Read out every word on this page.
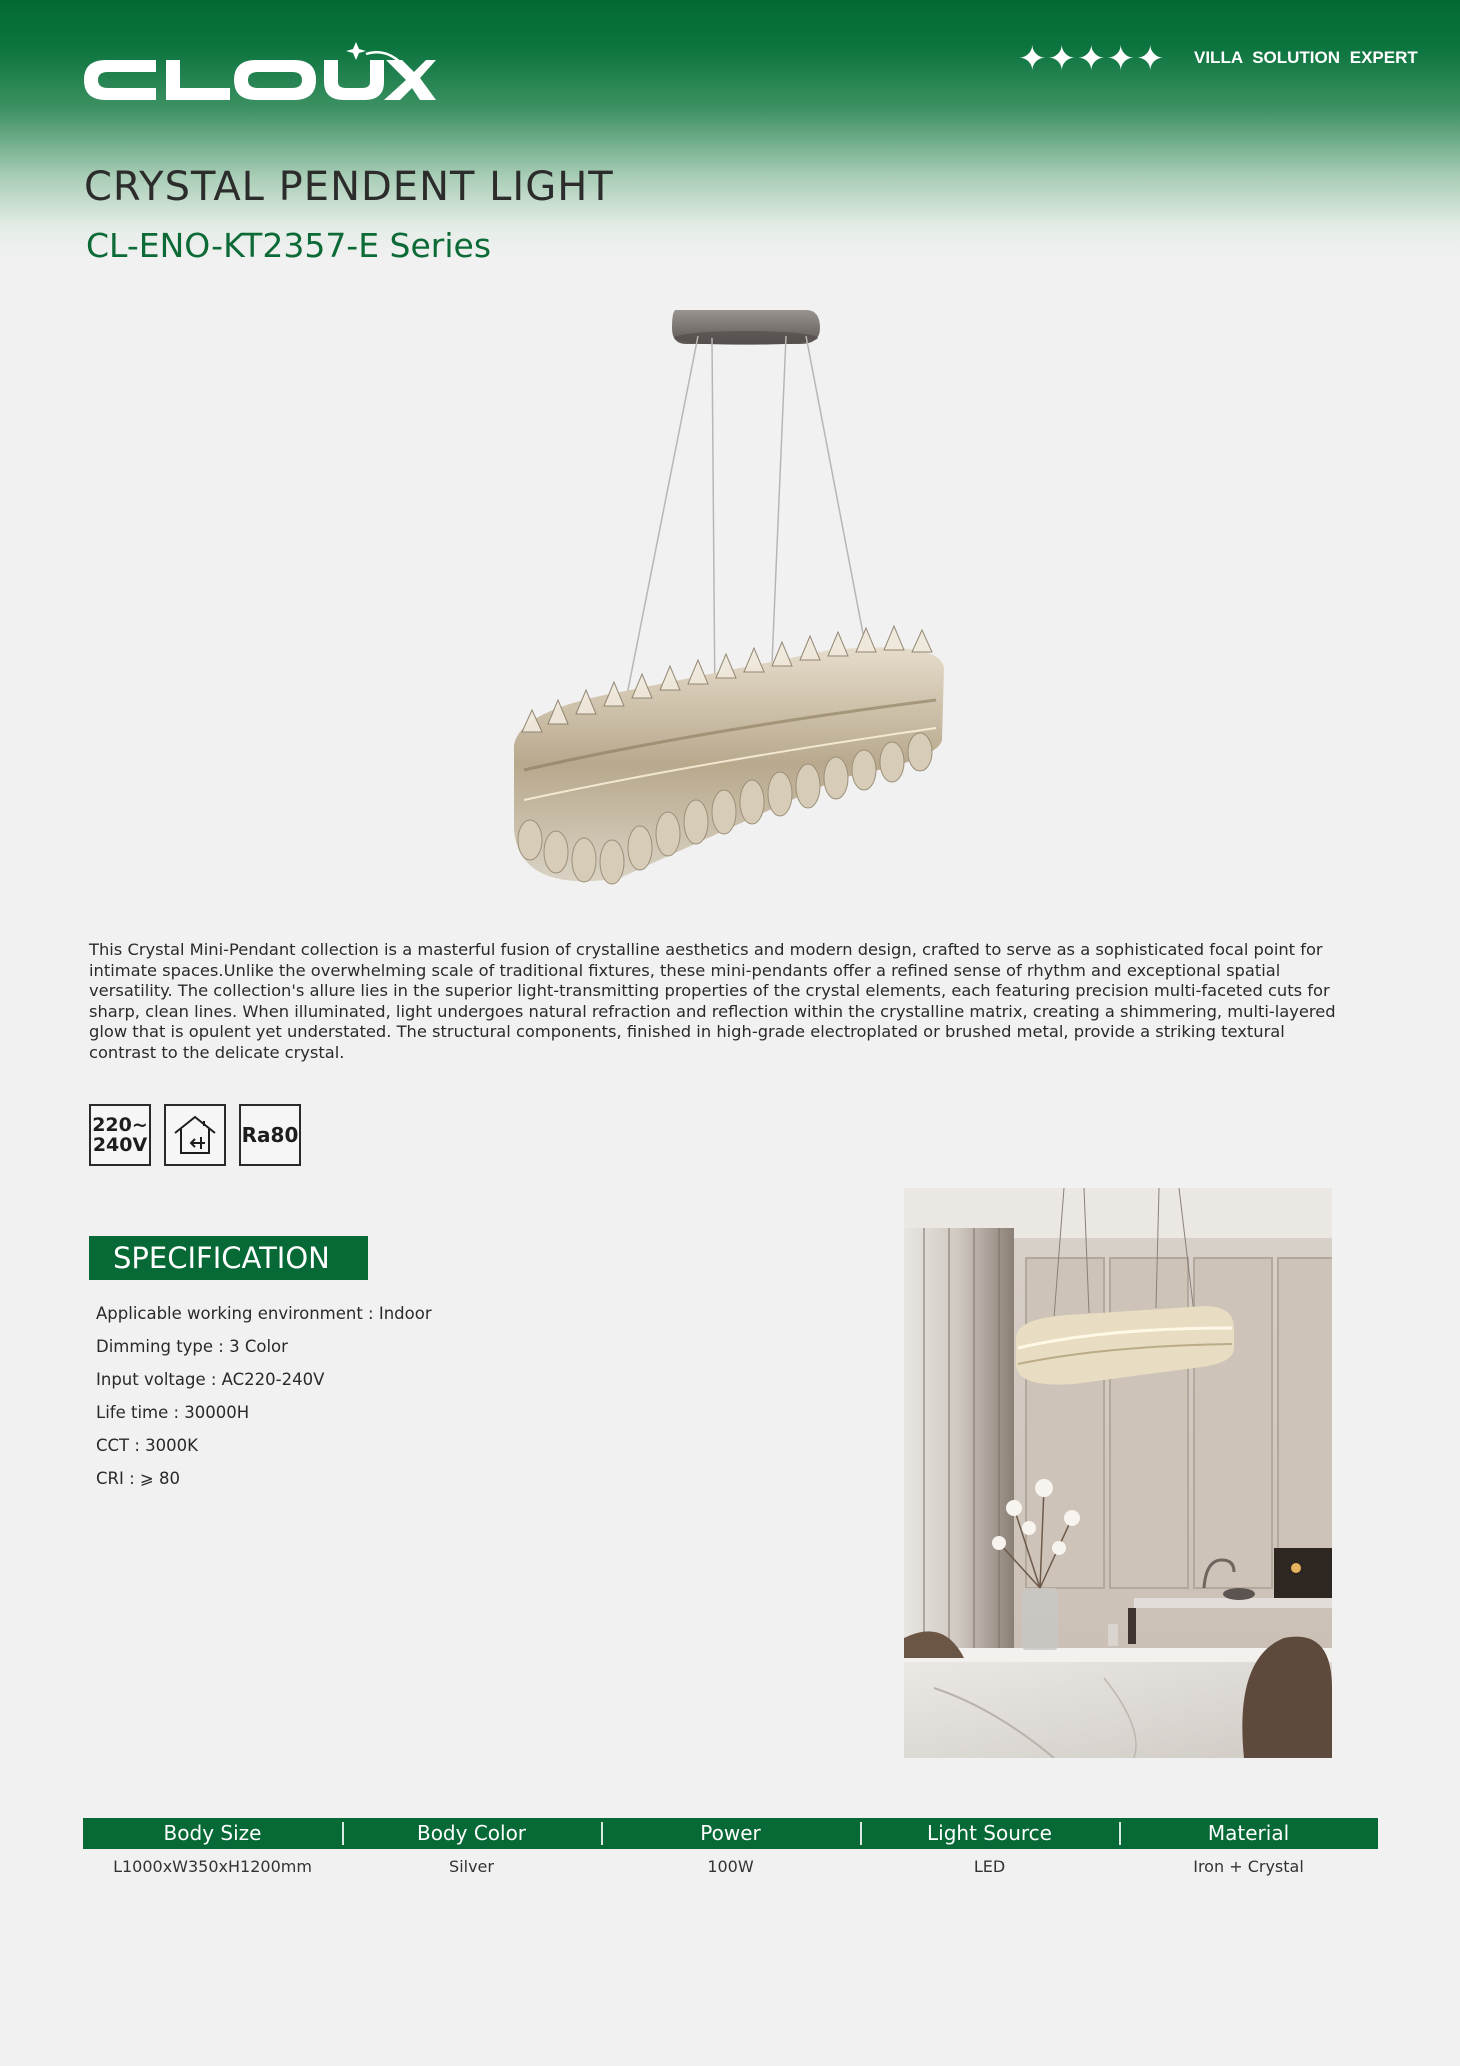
✦✦✦✦✦ VILLA SOLUTION EXPERT
CRYSTAL PENDENT LIGHT
CL-ENO-KT2357-E Series
This Crystal Mini-Pendant collection is a masterful fusion of crystalline aesthetics and modern design, crafted to serve as a sophisticated focal point for intimate spaces.Unlike the overwhelming scale of traditional fixtures, these mini-pendants offer a refined sense of rhythm and exceptional spatial versatility. The collection's allure lies in the superior light-transmitting properties of the crystal elements, each featuring precision multi-faceted cuts for sharp, clean lines. When illuminated, light undergoes natural refraction and reflection within the crystalline matrix, creating a shimmering, multi-layered glow that is opulent yet understated. The structural components, finished in high-grade electroplated or brushed metal, provide a striking textural contrast to the delicate crystal.
220~
240V	Ra80
SPECIFICATION
Applicable working environment : Indoor
Dimming type : 3 Color
Input voltage : AC220-240V
Life time : 30000H
CCT : 3000K
CRI : ⩾ 80
Body Size	Body Color	Power	Light Source	Material
L1000xW350xH1200mm	Silver	100W	LED	Iron + Crystal
